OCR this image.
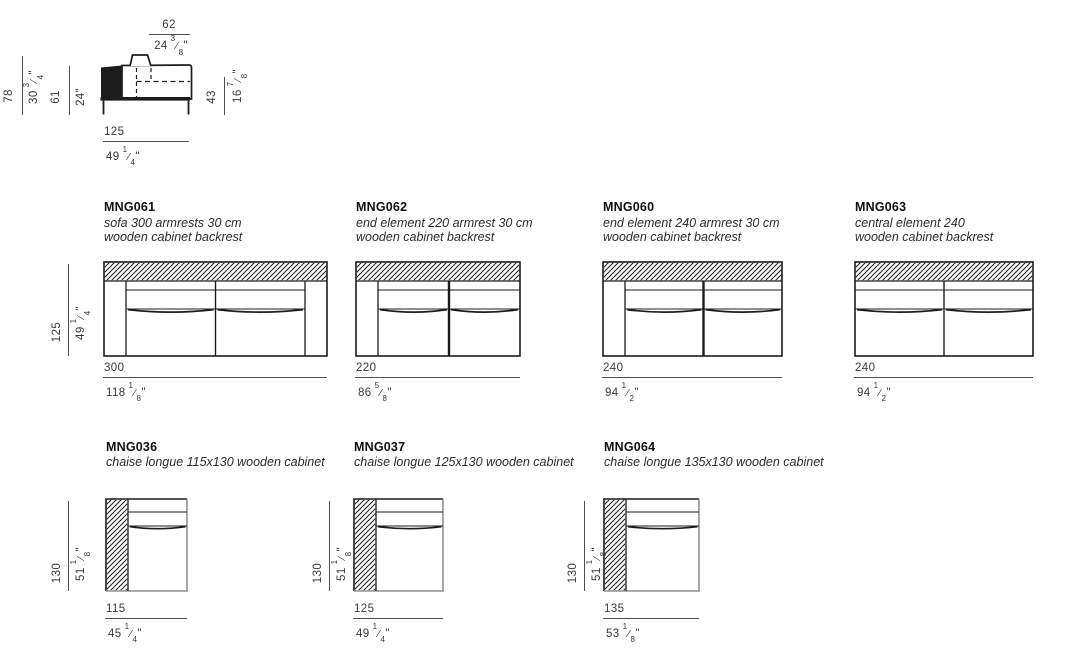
62
24
$^3⁄_8$
"
78 30
$^3⁄_4$
"
61 24
"	43 16
$^7⁄_8$
"
125
$49^1⁄_4$"
MNG061
sofa 300 armrests 30 cm
wooden cabinet backrest
300
$118^1⁄_8$"
125 49
$^1⁄_4$
"
MNG062
end element 220 armrest 30 cm
wooden cabinet backrest
220
$86^5⁄_8$"
MNG060
end element 240 armrest 30 cm
wooden cabinet backrest
240
$94^1⁄_2$"
MNG063
central element 240
wooden cabinet backrest
240
$94^1⁄_2$"
MNG036
chaise longue 115x130 wooden cabinet
115
$45^1⁄_4$"
130 51
$^1⁄_8$
"
MNG037
chaise longue 125x130 wooden cabinet
125
$49^1⁄_4$"
130 51
$^1⁄_8$
"
MNG064
chaise longue 135x130 wooden cabinet
135
$53^1⁄_8$"
130 51
$^1⁄_8$
"
